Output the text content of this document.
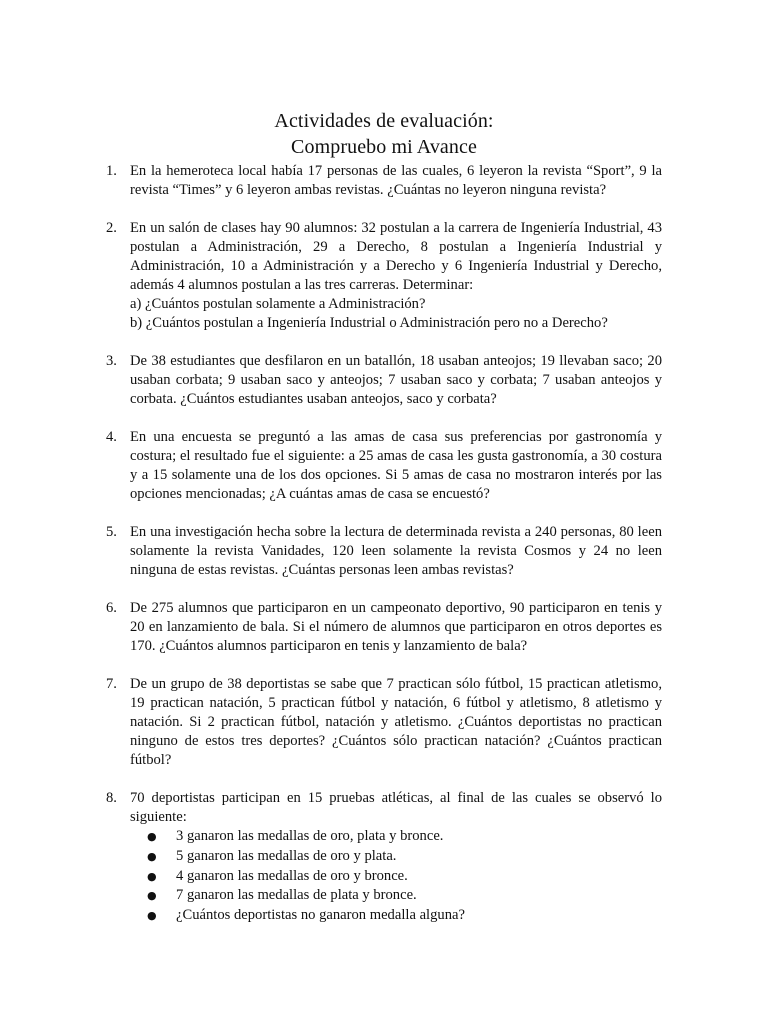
Actividades de evaluación:
Compruebo mi Avance
1. En la hemeroteca local había 17 personas de las cuales, 6 leyeron la revista “Sport”, 9 la revista “Times” y 6 leyeron ambas revistas. ¿Cuántas no leyeron ninguna revista?

2. En un salón de clases hay 90 alumnos: 32 postulan a la carrera de Ingeniería Industrial, 43 postulan a Administración, 29 a Derecho, 8 postulan a Ingeniería Industrial y Administración, 10 a Administración y a Derecho y 6 Ingeniería Industrial y Derecho, además 4 alumnos postulan a las tres carreras. Determinar:

a) ¿Cuántos postulan solamente a Administración?
b) ¿Cuántos postulan a Ingeniería Industrial o Administración pero no a Derecho?
3. De 38 estudiantes que desfilaron en un batallón, 18 usaban anteojos; 19 llevaban saco; 20 usaban corbata; 9 usaban saco y anteojos; 7 usaban saco y corbata; 7 usaban anteojos y corbata. ¿Cuántos estudiantes usaban anteojos, saco y corbata?

4. En una encuesta se preguntó a las amas de casa sus preferencias por gastronomía y costura; el resultado fue el siguiente: a 25 amas de casa les gusta gastronomía, a 30 costura y a 15 solamente una de los dos opciones. Si 5 amas de casa no mostraron interés por las opciones mencionadas; ¿A cuántas amas de casa se encuestó?

5. En una investigación hecha sobre la lectura de determinada revista a 240 personas, 80 leen solamente la revista Vanidades, 120 leen solamente la revista Cosmos y 24 no leen ninguna de estas revistas. ¿Cuántas personas leen ambas revistas?

6. De 275 alumnos que participaron en un campeonato deportivo, 90 participaron en tenis y 20 en lanzamiento de bala. Si el número de alumnos que participaron en otros deportes es 170. ¿Cuántos alumnos participaron en tenis y lanzamiento de bala?

7. De un grupo de 38 deportistas se sabe que 7 practican sólo fútbol, 15 practican atletismo, 19 practican natación, 5 practican fútbol y natación, 6 fútbol y atletismo, 8 atletismo y natación. Si 2 practican fútbol, natación y atletismo. ¿Cuántos deportistas no practican ninguno de estos tres deportes? ¿Cuántos sólo practican natación? ¿Cuántos practican fútbol?

8. 70 deportistas participan en 15 pruebas atléticas, al final de las cuales se observó lo siguiente:

● 3 ganaron las medallas de oro, plata y bronce.
● 5 ganaron las medallas de oro y plata.
● 4 ganaron las medallas de oro y bronce.
● 7 ganaron las medallas de plata y bronce.
● ¿Cuántos deportistas no ganaron medalla alguna?
